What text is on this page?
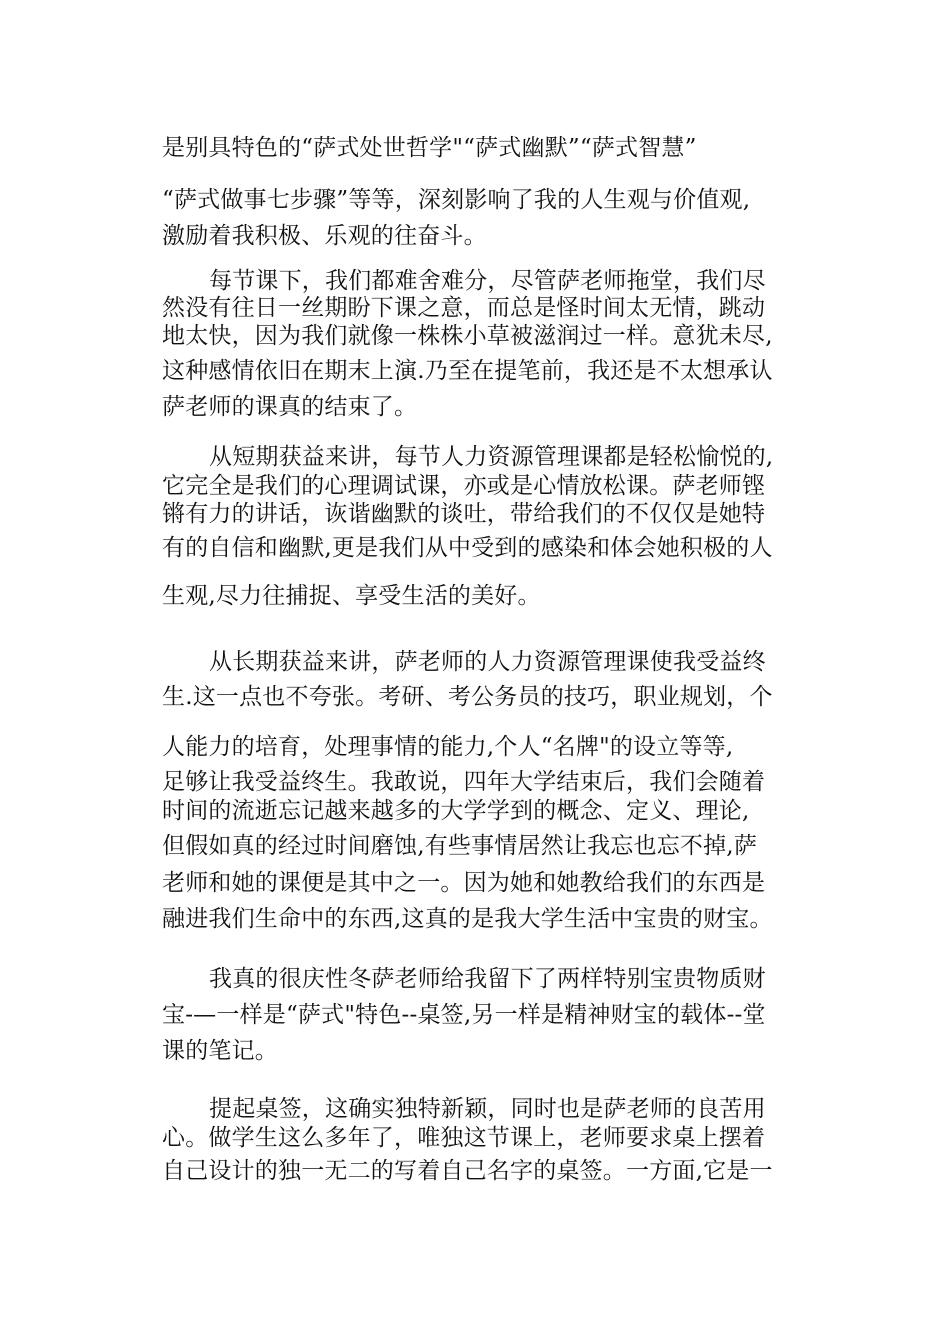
是别具特色的“萨式处世哲学"“萨式幽默”“萨式智慧”
“萨式做事七步骤”等等，深刻影响了我的人生观与价值观,
激励着我积极、乐观的往奋斗。
每节课下，我们都难舍难分，尽管萨老师拖堂，我们尽
然没有往日一丝期盼下课之意，而总是怪时间太无情，跳动
地太快，因为我们就像一株株小草被滋润过一样。意犹未尽,
这种感情依旧在期末上演.乃至在提笔前，我还是不太想承认
萨老师的课真的结束了。
从短期获益来讲，每节人力资源管理课都是轻松愉悦的,
它完全是我们的心理调试课，亦或是心情放松课。萨老师铿
锵有力的讲话，诙谐幽默的谈吐，带给我们的不仅仅是她特
有的自信和幽默,更是我们从中受到的感染和体会她积极的人
生观,尽力往捕捉、享受生活的美好。
从长期获益来讲，萨老师的人力资源管理课使我受益终
生.这一点也不夸张。考研、考公务员的技巧，职业规划，个
人能力的培育，处理事情的能力,个人“名牌"的设立等等,
足够让我受益终生。我敢说，四年大学结束后，我们会随着
时间的流逝忘记越来越多的大学学到的概念、定义、理论,
但假如真的经过时间磨蚀,有些事情居然让我忘也忘不掉,萨
老师和她的课便是其中之一。因为她和她教给我们的东西是
融进我们生命中的东西,这真的是我大学生活中宝贵的财宝。
我真的很庆性冬萨老师给我留下了两样特别宝贵物质财
宝-—一样是“萨式"特色--桌签,另一样是精神财宝的载体--堂
课的笔记。
提起桌签，这确实独特新颖，同时也是萨老师的良苦用
心。做学生这么多年了，唯独这节课上，老师要求桌上摆着
自己设计的独一无二的写着自己名字的桌签。一方面,它是一
